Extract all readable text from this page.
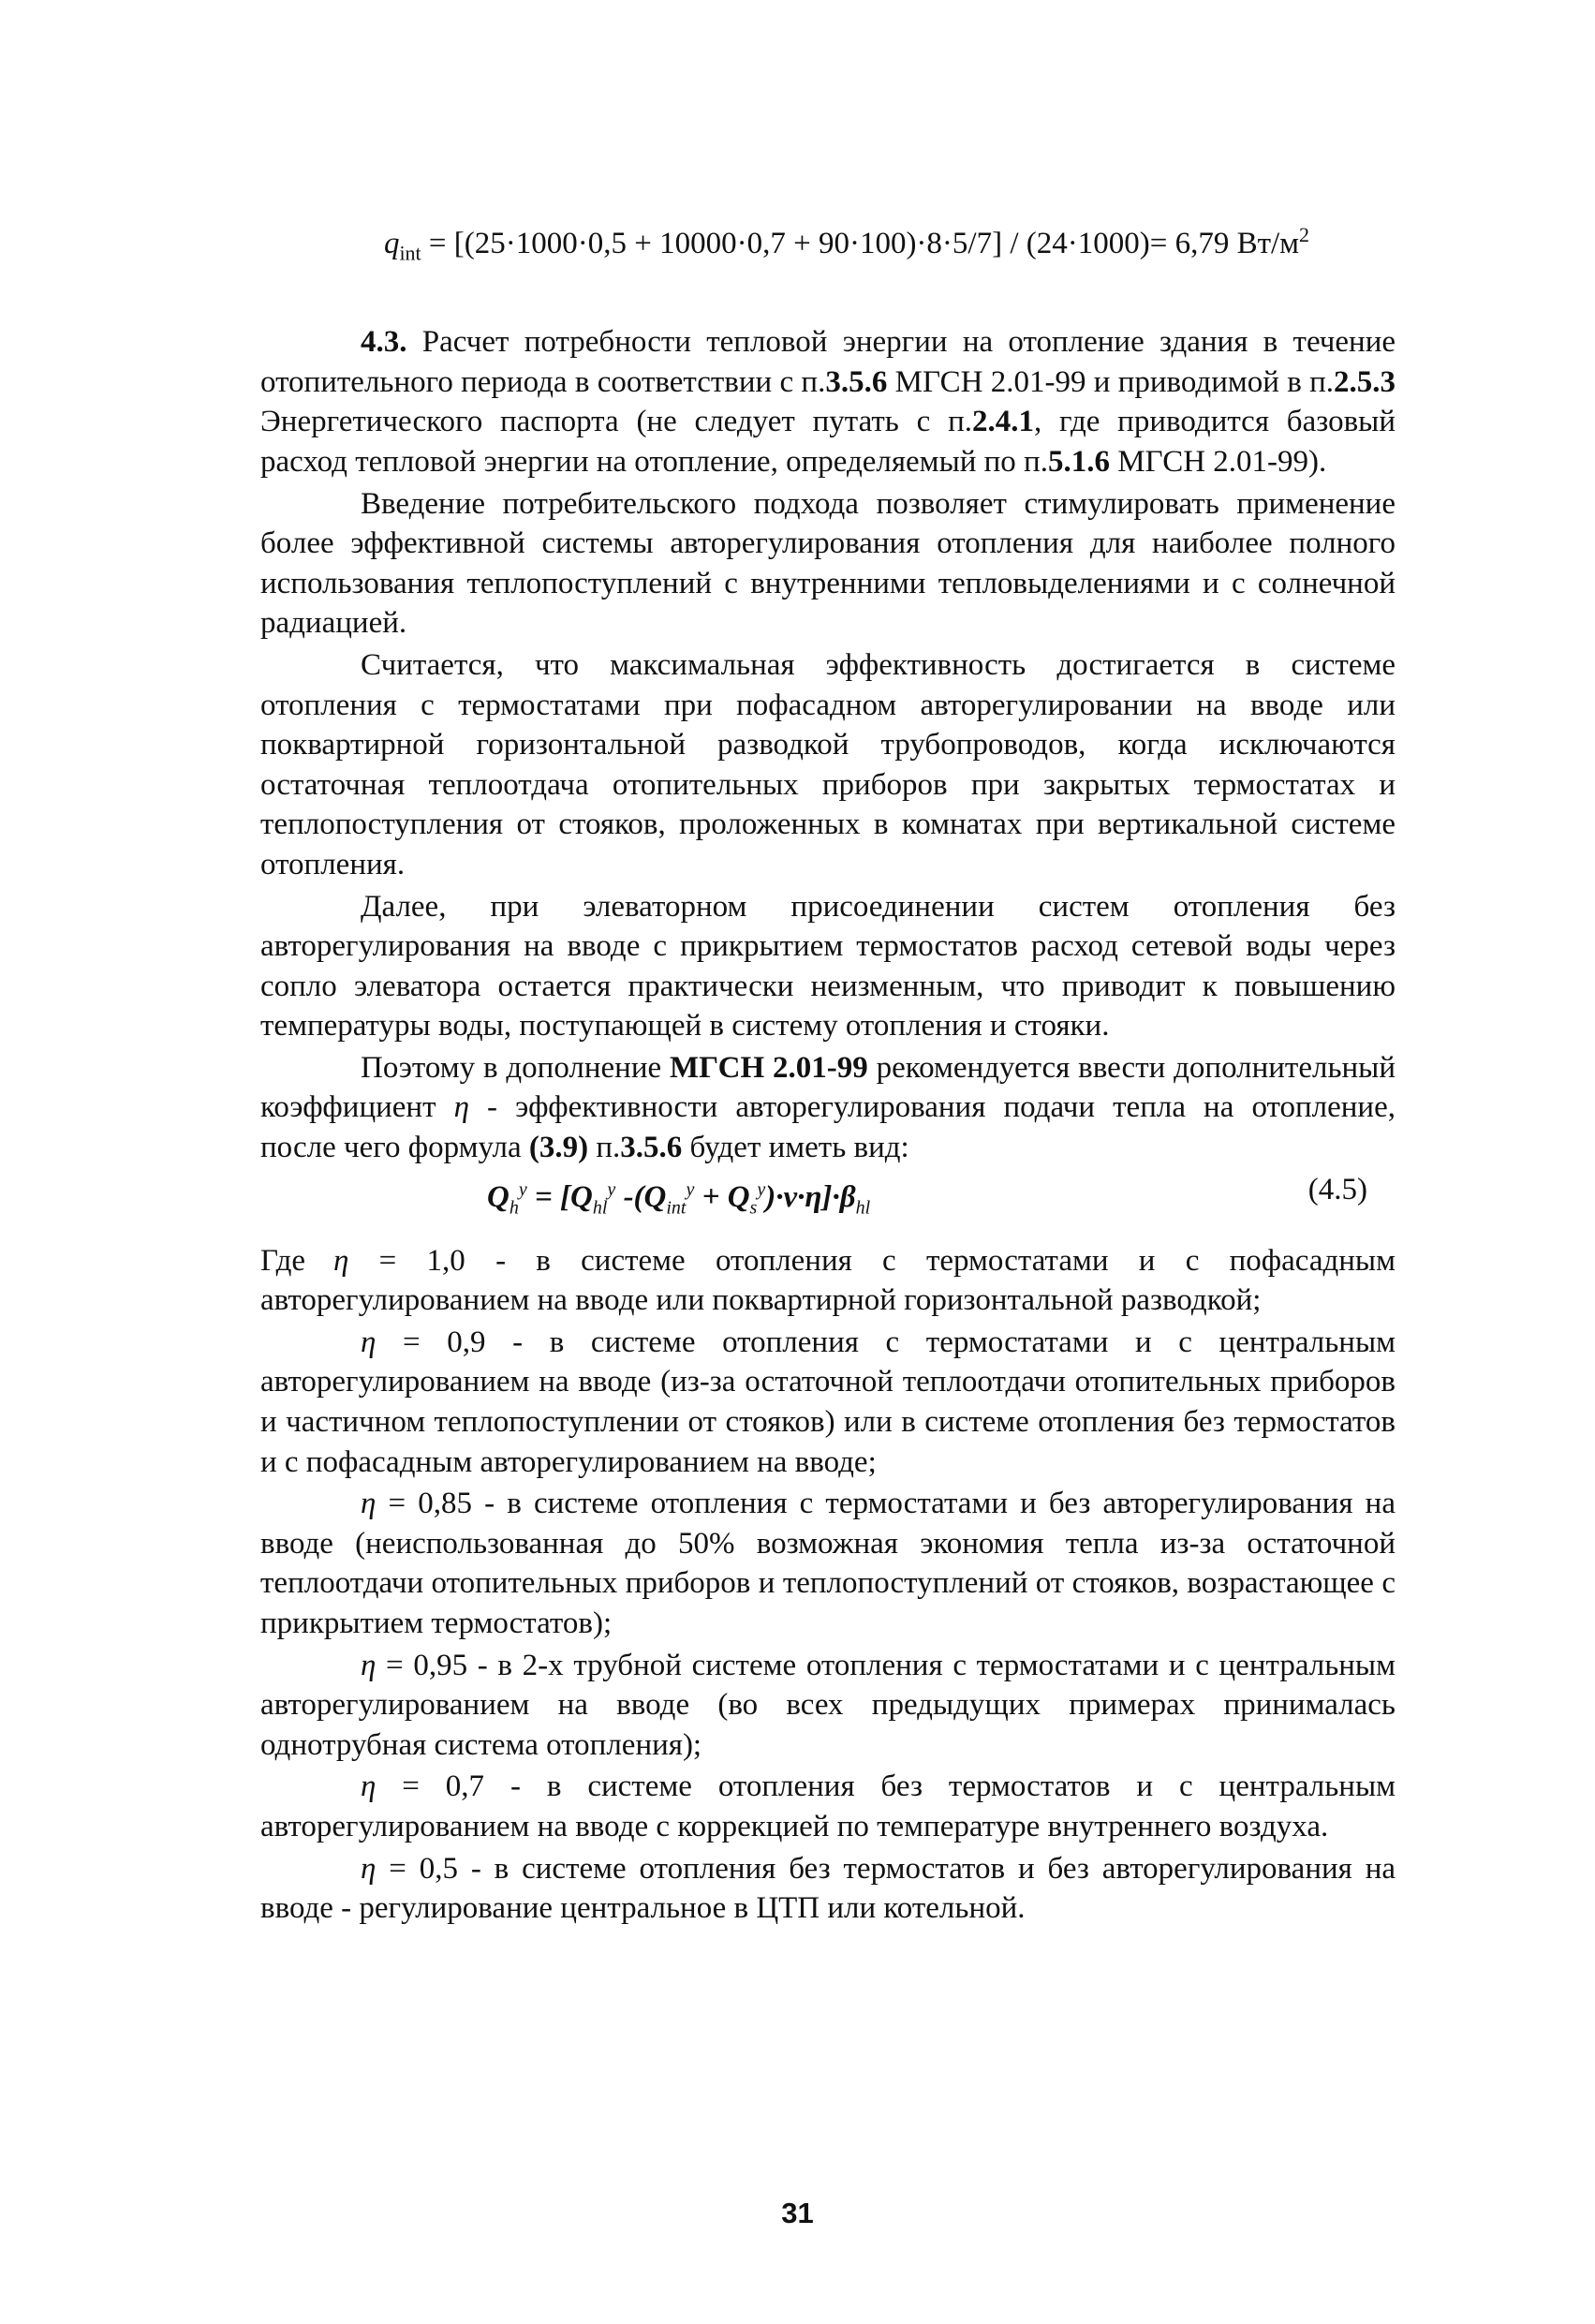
$q_{int} = [(25\cdot 1000\cdot 0,5 + 10000\cdot 0,7 + 90\cdot 100)\cdot 8\cdot 5/7] / (24\cdot 1000)= 6,79$ $Вт/м^2$

4.3. Расчет потребности тепловой энергии на отопление здания в течение отопительного периода в соответствии с п.3.5.6 МГСН 2.01-99 и приводимой в п.2.5.3 Энергетического паспорта (не следует путать с п.2.4.1, где приводится базовый расход тепловой энергии на отопление, определяемый по п.5.1.6 МГСН 2.01-99).

Введение потребительского подхода позволяет стимулировать применение более эффективной системы авторегулирования отопления для наиболее полного использования теплопоступлений с внутренними тепловыделениями и с солнечной радиацией.

Считается, что максимальная эффективность достигается в системе отопления с термостатами при пофасадном авторегулировании на вводе или поквартирной горизонтальной разводкой трубопроводов, когда исключаются остаточная теплоотдача отопительных приборов при закрытых термостатах и теплопоступления от стояков, проложенных в комнатах при вертикальной системе отопления.

Далее, при элеваторном присоединении систем отопления без авторегулирования на вводе с прикрытием термостатов расход сетевой воды через сопло элеватора остается практически неизменным, что приводит к повышению температуры воды, поступающей в систему отопления и стояки.

Поэтому в дополнение МГСН 2.01-99 рекомендуется ввести дополнительный коэффициент η - эффективности авторегулирования подачи тепла на отопление, после чего формула (3.9) п.3.5.6 будет иметь вид:

$Q_h^y = [Q_{hl}^y$ $-(Q_{int}^y + Q_s^y)\cdot v\cdot\eta]\cdot\beta_{hl}$
(4.5)

Где η = 1,0 - в системе отопления с термостатами и с пофасадным авторегулированием на вводе или поквартирной горизонтальной разводкой;

η = 0,9 - в системе отопления с термостатами и с центральным авторегулированием на вводе (из-за остаточной теплоотдачи отопительных приборов и частичном теплопоступлении от стояков) или в системе отопления без термостатов и с пофасадным авторегулированием на вводе;

η = 0,85 - в системе отопления с термостатами и без авторегулирования на вводе (неиспользованная до 50% возможная экономия тепла из-за остаточной теплоотдачи отопительных приборов и теплопоступлений от стояков, возрастающее с прикрытием термостатов);

η = 0,95 - в 2-х трубной системе отопления с термостатами и с центральным авторегулированием на вводе (во всех предыдущих примерах принималась однотрубная система отопления);

η = 0,7 - в системе отопления без термостатов и с центральным авторегулированием на вводе с коррекцией по температуре внутреннего воздуха.

η = 0,5 - в системе отопления без термостатов и без авторегулирования на вводе - регулирование центральное в ЦТП или котельной.

31
